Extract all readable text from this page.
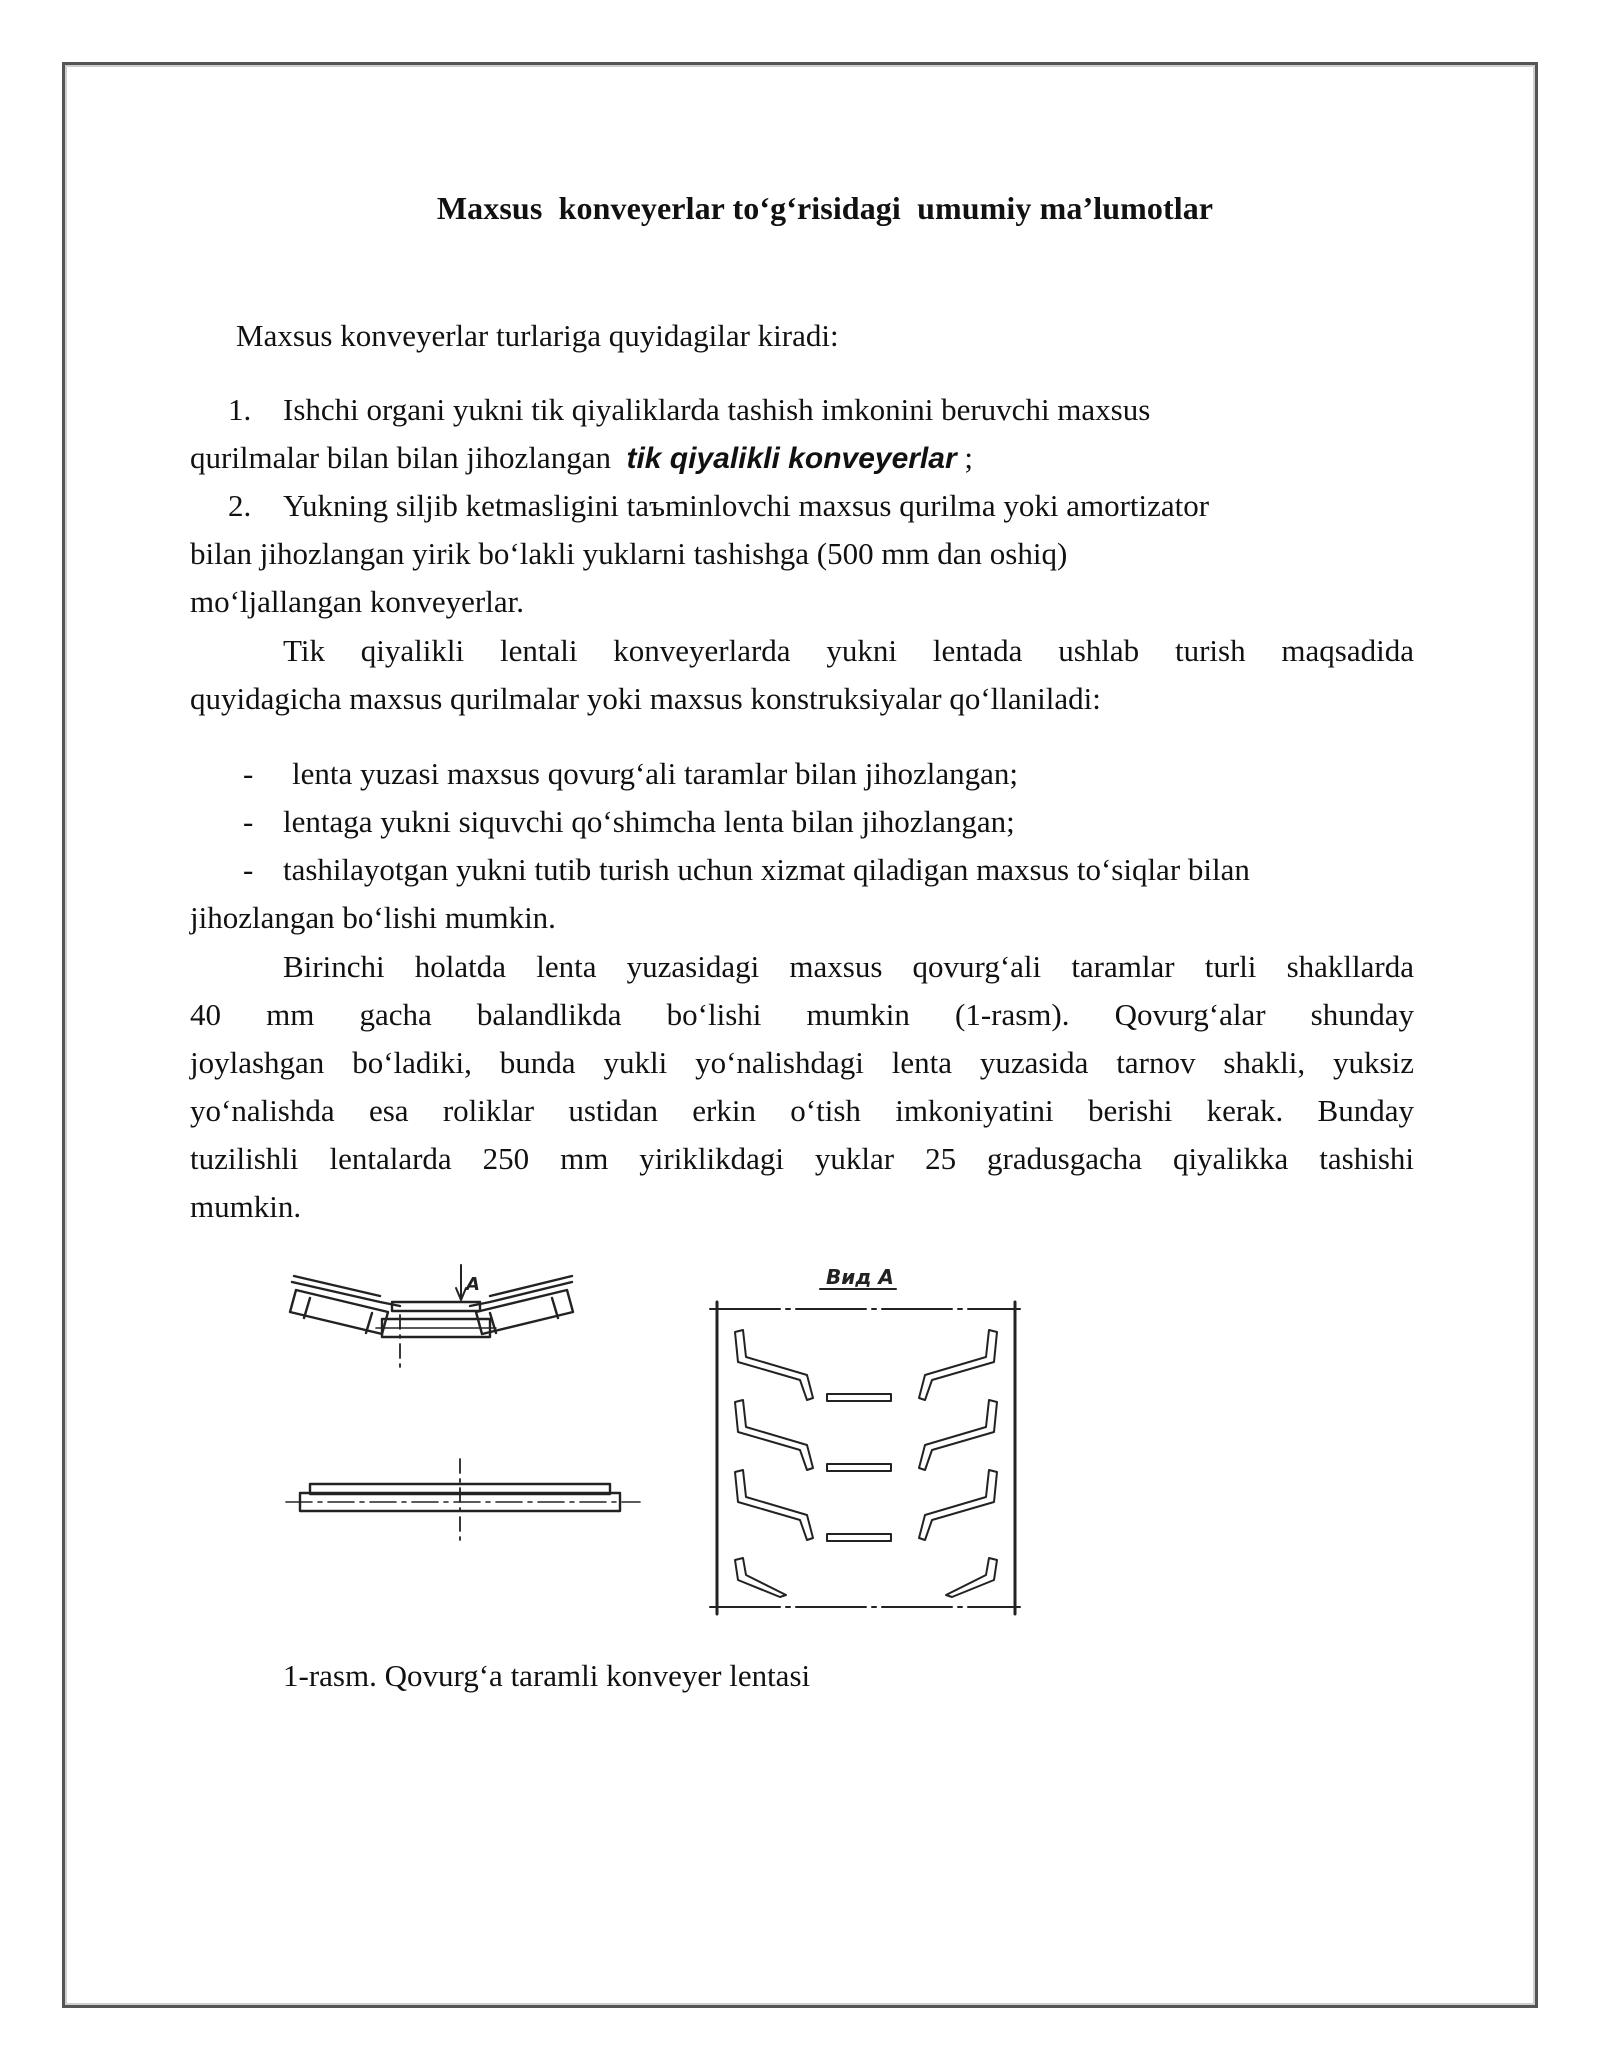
Maxsus  konveyerlar to‘g‘risidagi  umumiy ma’lumotlar
Maxsus konveyerlar turlariga quyidagilar kiradi:
1. Ishchi organi yukni tik qiyaliklarda tashish imkonini beruvchi maxsus
qurilmalar bilan bilan jihozlangan tik qiyalikli konveyerlar ;
2. Yukning siljib ketmasligini taъminlovchi maxsus qurilma yoki amortizator
bilan jihozlangan yirik bo‘lakli yuklarni tashishga (500 mm dan oshiq)
mo‘ljallangan konveyerlar.
Tik qiyalikli lentali konveyerlarda yukni lentada ushlab turish maqsadida
quyidagicha maxsus qurilmalar yoki maxsus konstruksiyalar qo‘llaniladi:
- lenta yuzasi maxsus qovurg‘ali taramlar bilan jihozlangan;
- lentaga yukni siquvchi qo‘shimcha lenta bilan jihozlangan;
- tashilayotgan yukni tutib turish uchun xizmat qiladigan maxsus to‘siqlar bilan
jihozlangan bo‘lishi mumkin.
Birinchi holatda lenta yuzasidagi maxsus qovurg‘ali taramlar turli shakllarda
40 mm gacha balandlikda bo‘lishi mumkin (1-rasm). Qovurg‘alar shunday
joylashgan bo‘ladiki, bunda yukli yo‘nalishdagi lenta yuzasida tarnov shakli, yuksiz
yo‘nalishda esa roliklar ustidan erkin o‘tish imkoniyatini berishi kerak. Bunday
tuzilishli lentalarda 250 mm yiriklikdagi yuklar 25 gradusgacha qiyalikka tashishi
mumkin.
A	Вид А
1-rasm. Qovurg‘a taramli konveyer lentasi
